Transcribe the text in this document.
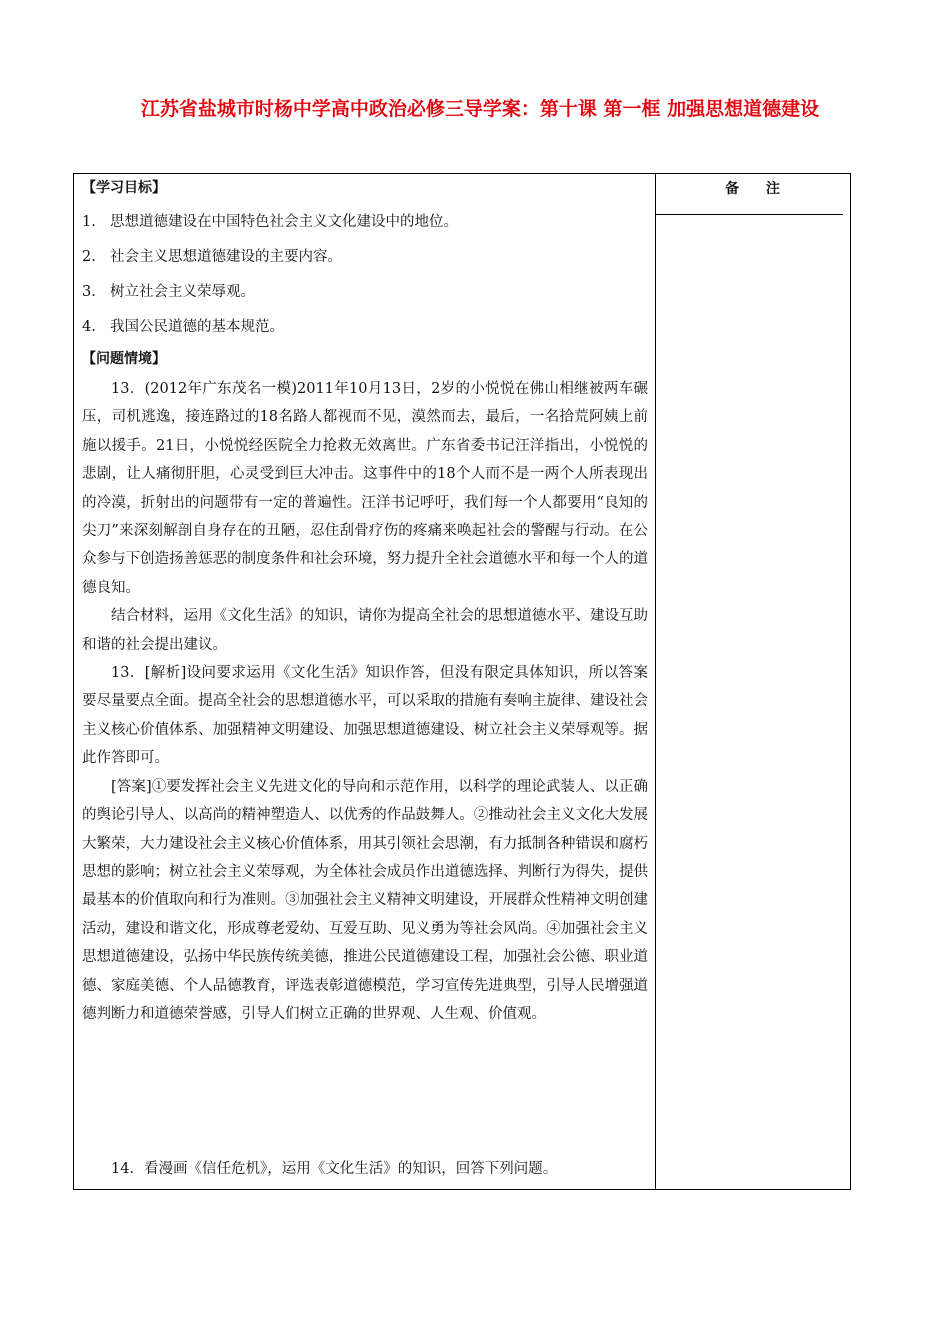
江苏省盐城市时杨中学高中政治必修三导学案：第十课 第一框 加强思想道德建设
备 注
【学习目标】
1. 思想道德建设在中国特色社会主义文化建设中的地位。
2. 社会主义思想道德建设的主要内容。
3. 树立社会主义荣辱观。
4. 我国公民道德的基本规范。
【问题情境】

13．(2012年广东茂名一模)2011年10月13日，2岁的小悦悦在佛山相继被两车碾压，司机逃逸，接连路过的18名路人都视而不见，漠然而去，最后，一名拾荒阿姨上前施以援手。21日，小悦悦经医院全力抢救无效离世。广东省委书记汪洋指出，小悦悦的悲剧，让人痛彻肝胆，心灵受到巨大冲击。这事件中的18个人而不是一两个人所表现出的冷漠，折射出的问题带有一定的普遍性。汪洋书记呼吁，我们每一个人都要用“良知的尖刀”来深刻解剖自身存在的丑陋，忍住刮骨疗伤的疼痛来唤起社会的警醒与行动。在公众参与下创造扬善惩恶的制度条件和社会环境，努力提升全社会道德水平和每一个人的道德良知。

结合材料，运用《文化生活》的知识，请你为提高全社会的思想道德水平、建设互助和谐的社会提出建议。

13．[解析]设问要求运用《文化生活》知识作答，但没有限定具体知识，所以答案要尽量要点全面。提高全社会的思想道德水平，可以采取的措施有奏响主旋律、建设社会主义核心价值体系、加强精神文明建设、加强思想道德建设、树立社会主义荣辱观等。据此作答即可。

[答案]①要发挥社会主义先进文化的导向和示范作用，以科学的理论武装人、以正确的舆论引导人、以高尚的精神塑造人、以优秀的作品鼓舞人。②推动社会主义文化大发展大繁荣，大力建设社会主义核心价值体系，用其引领社会思潮，有力抵制各种错误和腐朽思想的影响；树立社会主义荣辱观，为全体社会成员作出道德选择、判断行为得失，提供最基本的价值取向和行为准则。③加强社会主义精神文明建设，开展群众性精神文明创建活动，建设和谐文化，形成尊老爱幼、互爱互助、见义勇为等社会风尚。④加强社会主义思想道德建设，弘扬中华民族传统美德，推进公民道德建设工程，加强社会公德、职业道德、家庭美德、个人品德教育，评选表彰道德模范，学习宣传先进典型，引导人民增强道德判断力和道德荣誉感，引导人们树立正确的世界观、人生观、价值观。

14．看漫画《信任危机》，运用《文化生活》的知识，回答下列问题。
